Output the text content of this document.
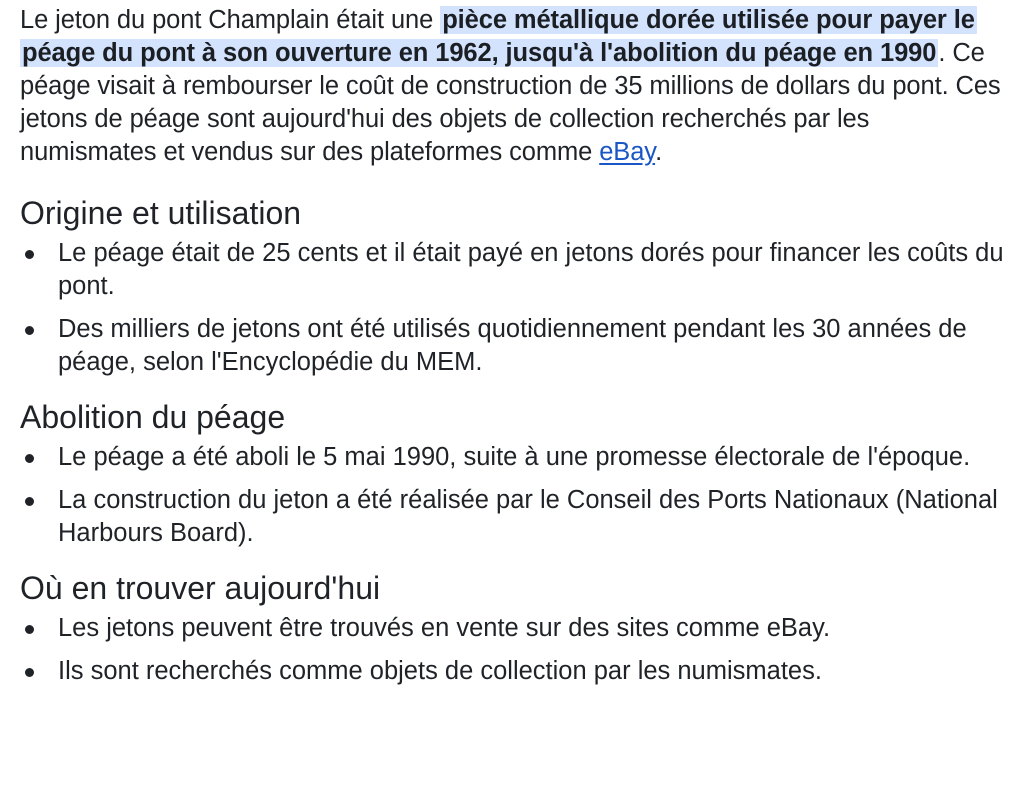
Le jeton du pont Champlain était une pièce métallique dorée utilisée pour payer le péage du pont à son ouverture en 1962, jusqu'à l'abolition du péage en 1990. Ce péage visait à rembourser le coût de construction de 35 millions de dollars du pont. Ces jetons de péage sont aujourd'hui des objets de collection recherchés par les numismates et vendus sur des plateformes comme eBay.

Origine et utilisation
Le péage était de 25 cents et il était payé en jetons dorés pour financer les coûts du pont.
Des milliers de jetons ont été utilisés quotidiennement pendant les 30 années de péage, selon l'Encyclopédie du MEM.
Abolition du péage
Le péage a été aboli le 5 mai 1990, suite à une promesse électorale de l'époque.
La construction du jeton a été réalisée par le Conseil des Ports Nationaux (National Harbours Board).
Où en trouver aujourd'hui
Les jetons peuvent être trouvés en vente sur des sites comme eBay.
Ils sont recherchés comme objets de collection par les numismates.
